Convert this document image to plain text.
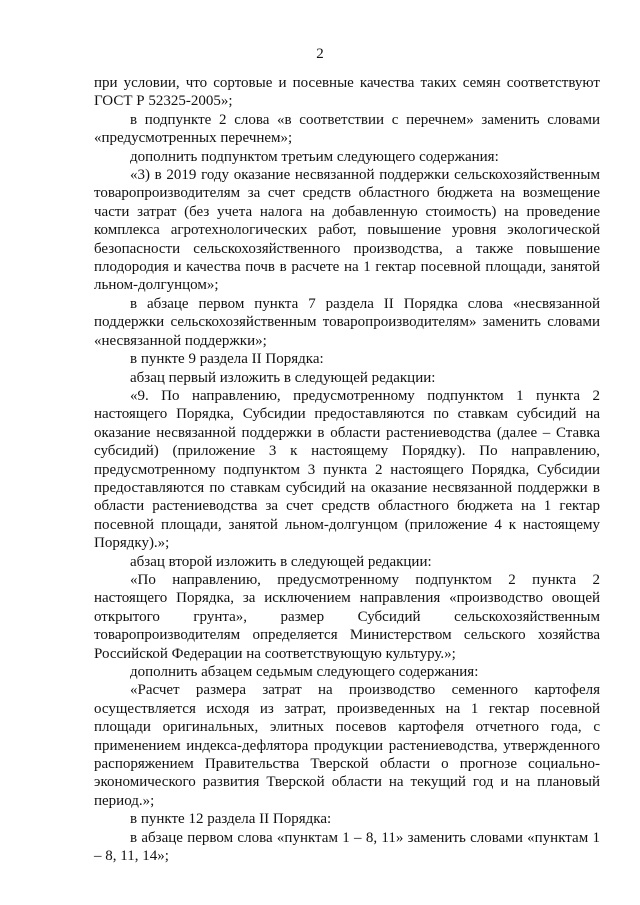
2

при условии, что сортовые и посевные качества таких семян соответствуют ГОСТ Р 52325-2005»;

в подпункте 2 слова «в соответствии с перечнем» заменить словами «предусмотренных перечнем»;

дополнить подпунктом третьим следующего содержания:

«3) в 2019 году оказание несвязанной поддержки сельскохозяйственным товаропроизводителям за счет средств областного бюджета на возмещение части затрат (без учета налога на добавленную стоимость) на проведение комплекса агротехнологических работ, повышение уровня экологической безопасности сельскохозяйственного производства, а также повышение плодородия и качества почв в расчете на 1 гектар посевной площади, занятой льном-долгунцом»;

в абзаце первом пункта 7 раздела II Порядка слова «несвязанной поддержки сельскохозяйственным товаропроизводителям» заменить словами «несвязанной поддержки»;

в пункте 9 раздела II Порядка:

абзац первый изложить в следующей редакции:

«9. По направлению, предусмотренному подпунктом 1 пункта 2 настоящего Порядка, Субсидии предоставляются по ставкам субсидий на оказание несвязанной поддержки в области растениеводства (далее – Ставка субсидий) (приложение 3 к настоящему Порядку). По направлению, предусмотренному подпунктом 3 пункта 2 настоящего Порядка, Субсидии предоставляются по ставкам субсидий на оказание несвязанной поддержки в области растениеводства за счет средств областного бюджета на 1 гектар посевной площади, занятой льном-долгунцом (приложение 4 к настоящему Порядку).»;

абзац второй изложить в следующей редакции:

«По направлению, предусмотренному подпунктом 2 пункта 2 настоящего Порядка, за исключением направления «производство овощей открытого грунта», размер Субсидий сельскохозяйственным товаропроизводителям определяется Министерством сельского хозяйства Российской Федерации на соответствующую культуру.»;

дополнить абзацем седьмым следующего содержания:

«Расчет размера затрат на производство семенного картофеля осуществляется исходя из затрат, произведенных на 1 гектар посевной площади оригинальных, элитных посевов картофеля отчетного года, с применением индекса-дефлятора продукции растениеводства, утвержденного распоряжением Правительства Тверской области о прогнозе социально-экономического развития Тверской области на текущий год и на плановый период.»;

в пункте 12 раздела II Порядка:

в абзаце первом слова «пунктам 1 – 8, 11» заменить словами «пунктам 1 – 8, 11, 14»;
